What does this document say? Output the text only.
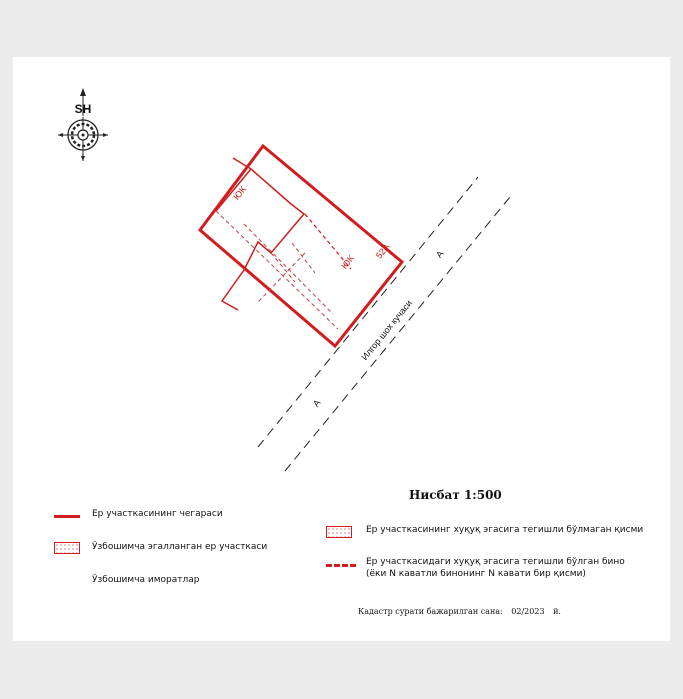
SH
Илгор шох кучаси
А
А
ЮК
ЮК
52А
Нисбат 1:500
Ер участкасининг чегараси
Ўзбошимча эгалланган ер участкаси
Ўзбошимча иморатлар
Ер участкасининг хуқуқ эгасига тегишли бўлмаган қисми
Ер участкасидаги хуқуқ эгасига тегишли бўлган бино
(ёки N каватли бинонинг N кавати бир қисми)
Кадастр сурати бажарилган сана: 02/2023 й.
